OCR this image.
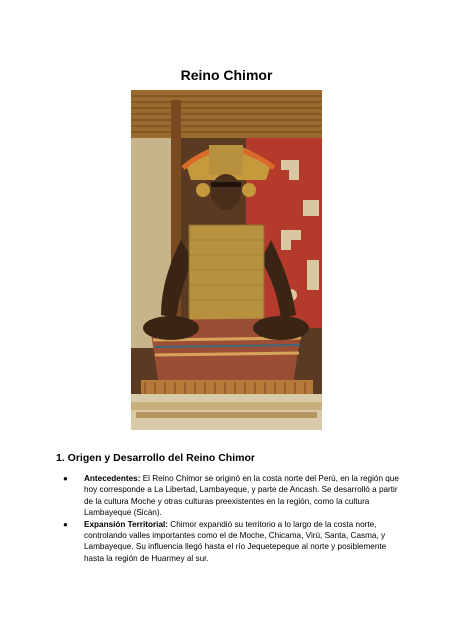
Reino Chimor
1. Origen y Desarrollo del Reino Chimor
● Antecedentes: El Reino Chimor se originó en la costa norte del Perú, en la región que hoy corresponde a La Libertad, Lambayeque, y parte de Ancash. Se desarrolló a partir de la cultura Moche y otras culturas preexistentes en la región, como la cultura Lambayeque (Sicán).
● Expansión Territorial: Chimor expandió su territorio a lo largo de la costa norte, controlando valles importantes como el de Moche, Chicama, Virú, Santa, Casma, y Lambayeque. Su influencia llegó hasta el río Jequetepeque al norte y posiblemente hasta la región de Huarmey al sur.
